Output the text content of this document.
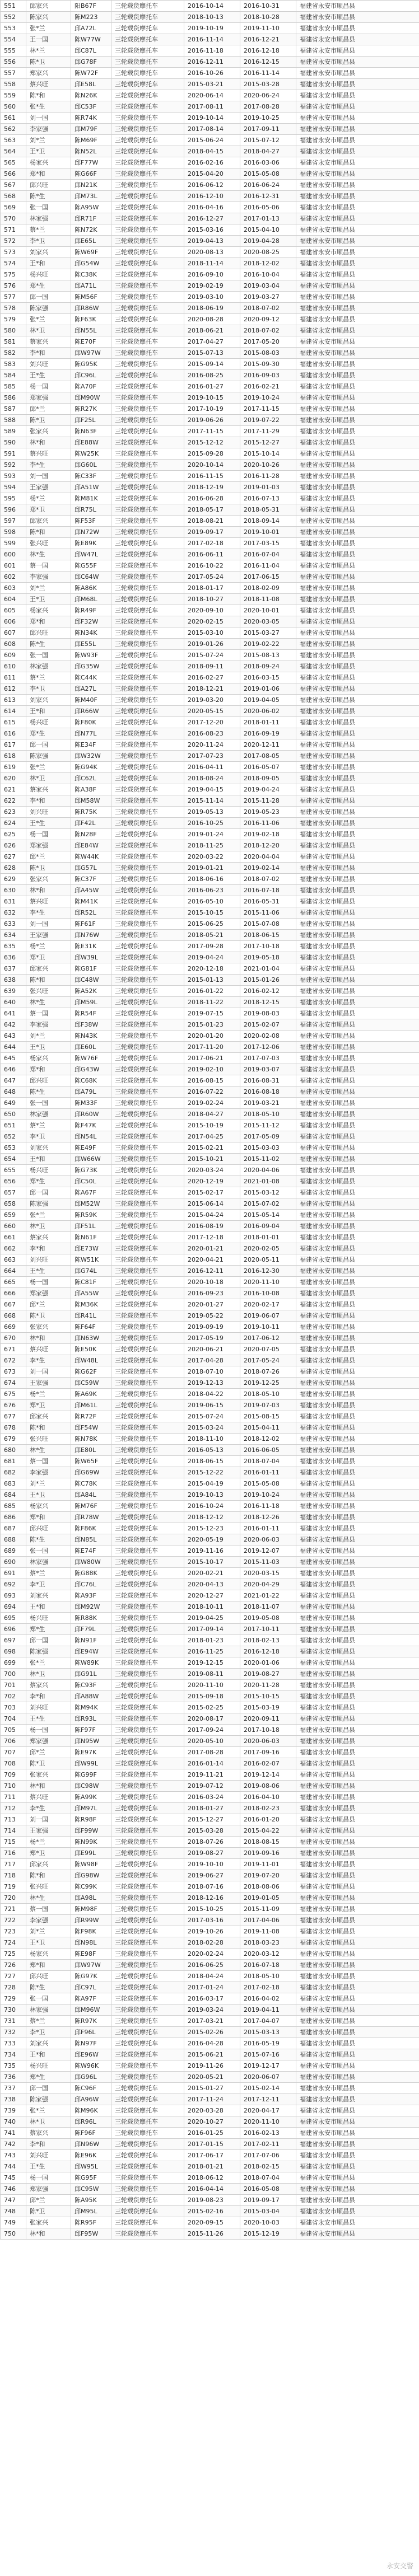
551	邱家兴	阳B67F	三轮载货摩托车	2016-10-14	2016-10-31	福建省永安市顺昌县
552	陈家兴	陈M223	三轮载货摩托车	2018-10-13	2018-10-28	福建省永安市顺昌县
553	张*兰	邱A72L	三轮载货摩托车	2019-10-19	2019-11-10	福建省永安市顺昌县
554	王一国	陈W77W	三轮载货摩托车	2016-11-14	2016-12-21	福建省永安市顺昌县
555	林*兰	邱C87L	三轮载货摩托车	2016-11-18	2016-12-18	福建省永安市顺昌县
556	陈*卫	邱G78F	三轮载货摩托车	2016-12-11	2016-12-15	福建省永安市顺昌县
557	郑家兴	陈W72F	三轮载货摩托车	2016-10-26	2016-11-14	福建省永安市顺昌县
558	蔡兴旺	邱E58L	三轮载货摩托车	2015-03-21	2015-03-28	福建省永安市顺昌县
559	陈*和	陈N26K	三轮载货摩托车	2020-06-14	2020-06-24	福建省永安市顺昌县
560	张*生	邱C53F	三轮载货摩托车	2017-08-11	2017-08-28	福建省永安市顺昌县
561	刘一国	陈R74K	三轮载货摩托车	2019-10-14	2019-10-25	福建省永安市顺昌县
562	李家强	邱M79F	三轮载货摩托车	2017-08-14	2017-09-11	福建省永安市顺昌县
563	刘*兰	陈M69F	三轮载货摩托车	2015-06-24	2015-07-12	福建省永安市顺昌县
564	王*卫	陈N52L	三轮载货摩托车	2018-04-15	2018-04-27	福建省永安市顺昌县
565	杨家兴	邱F77W	三轮载货摩托车	2016-02-16	2016-03-06	福建省永安市顺昌县
566	郑*和	陈G66F	三轮载货摩托车	2015-04-20	2015-05-08	福建省永安市顺昌县
567	邱兴旺	邱N21K	三轮载货摩托车	2016-06-12	2016-06-24	福建省永安市顺昌县
568	陈*生	邱M73L	三轮载货摩托车	2016-12-10	2016-12-31	福建省永安市顺昌县
569	张一国	陈A95W	三轮载货摩托车	2016-04-16	2016-05-06	福建省永安市顺昌县
570	林家强	邱R71F	三轮载货摩托车	2016-12-27	2017-01-13	福建省永安市顺昌县
571	蔡*兰	陈N72K	三轮载货摩托车	2015-03-16	2015-04-10	福建省永安市顺昌县
572	李*卫	邱E65L	三轮载货摩托车	2019-04-13	2019-04-28	福建省永安市顺昌县
573	刘家兴	陈W69F	三轮载货摩托车	2020-08-13	2020-08-25	福建省永安市顺昌县
574	王*和	邱G54W	三轮载货摩托车	2018-11-14	2018-12-02	福建省永安市顺昌县
575	杨兴旺	陈C38K	三轮载货摩托车	2016-09-10	2016-10-04	福建省永安市顺昌县
576	郑*生	邱A71L	三轮载货摩托车	2019-02-19	2019-03-04	福建省永安市顺昌县
577	邱一国	陈M56F	三轮载货摩托车	2019-03-10	2019-03-27	福建省永安市顺昌县
578	陈家强	邱R86W	三轮载货摩托车	2018-06-19	2018-07-02	福建省永安市顺昌县
579	张*兰	陈F63K	三轮载货摩托车	2020-08-28	2020-09-12	福建省永安市顺昌县
580	林*卫	邱N55L	三轮载货摩托车	2018-06-21	2018-07-02	福建省永安市顺昌县
581	蔡家兴	陈E70F	三轮载货摩托车	2017-04-27	2017-05-20	福建省永安市顺昌县
582	李*和	邱W97W	三轮载货摩托车	2015-07-13	2015-08-03	福建省永安市顺昌县
583	刘兴旺	陈G95K	三轮载货摩托车	2015-09-14	2015-09-30	福建省永安市顺昌县
584	王*生	邱C96L	三轮载货摩托车	2016-08-25	2016-09-03	福建省永安市顺昌县
585	杨一国	陈A70F	三轮载货摩托车	2016-01-27	2016-02-21	福建省永安市顺昌县
586	郑家强	邱M90W	三轮载货摩托车	2019-10-15	2019-10-24	福建省永安市顺昌县
587	邱*兰	陈R27K	三轮载货摩托车	2017-10-19	2017-11-15	福建省永安市顺昌县
588	陈*卫	邱F25L	三轮载货摩托车	2019-06-26	2019-07-22	福建省永安市顺昌县
589	张家兴	陈N63F	三轮载货摩托车	2017-11-15	2017-11-29	福建省永安市顺昌县
590	林*和	邱E88W	三轮载货摩托车	2015-12-12	2015-12-27	福建省永安市顺昌县
591	蔡兴旺	陈W25K	三轮载货摩托车	2015-09-28	2015-10-14	福建省永安市顺昌县
592	李*生	邱G60L	三轮载货摩托车	2020-10-14	2020-10-26	福建省永安市顺昌县
593	刘一国	陈C33F	三轮载货摩托车	2016-11-15	2016-11-28	福建省永安市顺昌县
594	王家强	邱A51W	三轮载货摩托车	2018-12-19	2019-01-03	福建省永安市顺昌县
595	杨*兰	陈M81K	三轮载货摩托车	2016-06-28	2016-07-13	福建省永安市顺昌县
596	郑*卫	邱R75L	三轮载货摩托车	2018-05-17	2018-05-31	福建省永安市顺昌县
597	邱家兴	陈F53F	三轮载货摩托车	2018-08-21	2018-09-14	福建省永安市顺昌县
598	陈*和	邱N72W	三轮载货摩托车	2019-09-17	2019-10-01	福建省永安市顺昌县
599	张兴旺	陈E89K	三轮载货摩托车	2017-02-18	2017-03-15	福建省永安市顺昌县
600	林*生	邱W47L	三轮载货摩托车	2016-06-11	2016-07-04	福建省永安市顺昌县
601	蔡一国	陈G55F	三轮载货摩托车	2016-10-22	2016-11-04	福建省永安市顺昌县
602	李家强	邱C64W	三轮载货摩托车	2017-05-24	2017-06-15	福建省永安市顺昌县
603	刘*兰	陈A86K	三轮载货摩托车	2018-01-17	2018-02-09	福建省永安市顺昌县
604	王*卫	邱M68L	三轮载货摩托车	2018-10-27	2018-11-08	福建省永安市顺昌县
605	杨家兴	陈R49F	三轮载货摩托车	2020-09-10	2020-10-01	福建省永安市顺昌县
606	郑*和	邱F32W	三轮载货摩托车	2020-02-15	2020-03-05	福建省永安市顺昌县
607	邱兴旺	陈N34K	三轮载货摩托车	2015-03-10	2015-03-27	福建省永安市顺昌县
608	陈*生	邱E55L	三轮载货摩托车	2019-01-26	2019-02-22	福建省永安市顺昌县
609	张一国	陈W93F	三轮载货摩托车	2015-07-24	2015-08-13	福建省永安市顺昌县
610	林家强	邱G35W	三轮载货摩托车	2018-09-11	2018-09-24	福建省永安市顺昌县
611	蔡*兰	陈C44K	三轮载货摩托车	2016-02-27	2016-03-15	福建省永安市顺昌县
612	李*卫	邱A27L	三轮载货摩托车	2018-12-21	2019-01-06	福建省永安市顺昌县
613	刘家兴	陈M40F	三轮载货摩托车	2019-03-20	2019-04-05	福建省永安市顺昌县
614	王*和	邱R66W	三轮载货摩托车	2020-05-15	2020-06-02	福建省永安市顺昌县
615	杨兴旺	陈F80K	三轮载货摩托车	2017-12-20	2018-01-11	福建省永安市顺昌县
616	郑*生	邱N77L	三轮载货摩托车	2016-08-23	2016-09-19	福建省永安市顺昌县
617	邱一国	陈E34F	三轮载货摩托车	2020-11-24	2020-12-11	福建省永安市顺昌县
618	陈家强	邱W32W	三轮载货摩托车	2017-07-23	2017-08-05	福建省永安市顺昌县
619	张*兰	陈G94K	三轮载货摩托车	2016-04-11	2016-05-07	福建省永安市顺昌县
620	林*卫	邱C62L	三轮载货摩托车	2018-08-24	2018-09-05	福建省永安市顺昌县
621	蔡家兴	陈A38F	三轮载货摩托车	2019-04-15	2019-04-24	福建省永安市顺昌县
622	李*和	邱M58W	三轮载货摩托车	2015-11-14	2015-11-28	福建省永安市顺昌县
623	刘兴旺	陈R75K	三轮载货摩托车	2019-05-13	2019-05-23	福建省永安市顺昌县
624	王*生	邱F42L	三轮载货摩托车	2016-10-25	2016-11-06	福建省永安市顺昌县
625	杨一国	陈N28F	三轮载货摩托车	2019-01-24	2019-02-18	福建省永安市顺昌县
626	郑家强	邱E84W	三轮载货摩托车	2018-11-25	2018-12-20	福建省永安市顺昌县
627	邱*兰	陈W44K	三轮载货摩托车	2020-03-22	2020-04-04	福建省永安市顺昌县
628	陈*卫	邱G57L	三轮载货摩托车	2019-01-21	2019-02-14	福建省永安市顺昌县
629	张家兴	陈C37F	三轮载货摩托车	2018-06-16	2018-07-02	福建省永安市顺昌县
630	林*和	邱A45W	三轮载货摩托车	2016-06-23	2016-07-18	福建省永安市顺昌县
631	蔡兴旺	陈M41K	三轮载货摩托车	2016-05-10	2016-05-31	福建省永安市顺昌县
632	李*生	邱R52L	三轮载货摩托车	2015-10-15	2015-11-06	福建省永安市顺昌县
633	刘一国	陈F61F	三轮载货摩托车	2015-06-25	2015-07-08	福建省永安市顺昌县
634	王家强	邱N76W	三轮载货摩托车	2018-05-21	2018-06-15	福建省永安市顺昌县
635	杨*兰	陈E31K	三轮载货摩托车	2017-09-28	2017-10-18	福建省永安市顺昌县
636	郑*卫	邱W39L	三轮载货摩托车	2019-04-24	2019-05-18	福建省永安市顺昌县
637	邱家兴	陈G81F	三轮载货摩托车	2020-12-18	2021-01-04	福建省永安市顺昌县
638	陈*和	邱C48W	三轮载货摩托车	2015-01-13	2015-01-26	福建省永安市顺昌县
639	张兴旺	陈A52K	三轮载货摩托车	2016-01-22	2016-02-12	福建省永安市顺昌县
640	林*生	邱M59L	三轮载货摩托车	2018-11-22	2018-12-15	福建省永安市顺昌县
641	蔡一国	陈R54F	三轮载货摩托车	2019-07-15	2019-08-03	福建省永安市顺昌县
642	李家强	邱F38W	三轮载货摩托车	2015-01-23	2015-02-07	福建省永安市顺昌县
643	刘*兰	陈N43K	三轮载货摩托车	2020-01-20	2020-02-08	福建省永安市顺昌县
644	王*卫	邱E60L	三轮载货摩托车	2017-11-20	2017-12-06	福建省永安市顺昌县
645	杨家兴	陈W76F	三轮载货摩托车	2017-06-21	2017-07-03	福建省永安市顺昌县
646	郑*和	邱G43W	三轮载货摩托车	2019-02-10	2019-03-07	福建省永安市顺昌县
647	邱兴旺	陈C68K	三轮载货摩托车	2016-08-15	2016-08-31	福建省永安市顺昌县
648	陈*生	邱A79L	三轮载货摩托车	2016-07-22	2016-08-18	福建省永安市顺昌县
649	张一国	陈M33F	三轮载货摩托车	2019-02-24	2019-03-21	福建省永安市顺昌县
650	林家强	邱R60W	三轮载货摩托车	2018-04-27	2018-05-10	福建省永安市顺昌县
651	蔡*兰	陈F47K	三轮载货摩托车	2015-10-19	2015-11-12	福建省永安市顺昌县
652	李*卫	邱N54L	三轮载货摩托车	2017-04-25	2017-05-09	福建省永安市顺昌县
653	刘家兴	陈E49F	三轮载货摩托车	2015-02-21	2015-03-03	福建省永安市顺昌县
654	王*和	邱W66W	三轮载货摩托车	2015-10-21	2015-11-02	福建省永安市顺昌县
655	杨兴旺	陈G73K	三轮载货摩托车	2020-03-24	2020-04-06	福建省永安市顺昌县
656	郑*生	邱C50L	三轮载货摩托车	2020-12-19	2021-01-08	福建省永安市顺昌县
657	邱一国	陈A67F	三轮载货摩托车	2015-02-17	2015-03-12	福建省永安市顺昌县
658	陈家强	邱M52W	三轮载货摩托车	2015-06-14	2015-07-02	福建省永安市顺昌县
659	张*兰	陈R59K	三轮载货摩托车	2015-04-24	2015-05-14	福建省永安市顺昌县
660	林*卫	邱F51L	三轮载货摩托车	2016-08-19	2016-09-04	福建省永安市顺昌县
661	蔡家兴	陈N61F	三轮载货摩托车	2017-12-18	2018-01-01	福建省永安市顺昌县
662	李*和	邱E73W	三轮载货摩托车	2020-01-21	2020-02-05	福建省永安市顺昌县
663	刘兴旺	陈W51K	三轮载货摩托车	2020-04-21	2020-05-11	福建省永安市顺昌县
664	王*生	邱G74L	三轮载货摩托车	2016-12-11	2016-12-30	福建省永安市顺昌县
665	杨一国	陈C81F	三轮载货摩托车	2020-10-18	2020-11-10	福建省永安市顺昌县
666	郑家强	邱A55W	三轮载货摩托车	2016-09-23	2016-10-08	福建省永安市顺昌县
667	邱*兰	陈M36K	三轮载货摩托车	2020-01-27	2020-02-17	福建省永安市顺昌县
668	陈*卫	邱R41L	三轮载货摩托车	2019-05-22	2019-06-07	福建省永安市顺昌县
669	张家兴	陈F64F	三轮载货摩托车	2019-09-19	2019-10-11	福建省永安市顺昌县
670	林*和	邱N63W	三轮载货摩托车	2017-05-19	2017-06-12	福建省永安市顺昌县
671	蔡兴旺	陈E50K	三轮载货摩托车	2020-06-21	2020-07-05	福建省永安市顺昌县
672	李*生	邱W48L	三轮载货摩托车	2017-04-28	2017-05-24	福建省永安市顺昌县
673	刘一国	陈G62F	三轮载货摩托车	2018-07-10	2018-07-26	福建省永安市顺昌县
674	王家强	邱C59W	三轮载货摩托车	2019-12-13	2019-12-25	福建省永安市顺昌县
675	杨*兰	陈A69K	三轮载货摩托车	2018-04-22	2018-05-10	福建省永安市顺昌县
676	郑*卫	邱M61L	三轮载货摩托车	2019-06-15	2019-07-03	福建省永安市顺昌县
677	邱家兴	陈R72F	三轮载货摩托车	2015-07-24	2015-08-15	福建省永安市顺昌县
678	陈*和	邱F54W	三轮载货摩托车	2015-03-24	2015-04-11	福建省永安市顺昌县
679	张兴旺	陈N78K	三轮载货摩托车	2018-11-10	2018-12-02	福建省永安市顺昌县
680	林*生	邱E80L	三轮载货摩托车	2016-05-13	2016-06-05	福建省永安市顺昌县
681	蔡一国	陈W65F	三轮载货摩托车	2018-06-15	2018-07-04	福建省永安市顺昌县
682	李家强	邱G69W	三轮载货摩托车	2015-12-22	2016-01-11	福建省永安市顺昌县
683	刘*兰	陈C78K	三轮载货摩托车	2015-04-19	2015-05-08	福建省永安市顺昌县
684	王*卫	邱A84L	三轮载货摩托车	2019-10-13	2019-10-24	福建省永安市顺昌县
685	杨家兴	陈M76F	三轮载货摩托车	2016-10-24	2016-11-18	福建省永安市顺昌县
686	郑*和	邱R78W	三轮载货摩托车	2018-12-12	2018-12-26	福建省永安市顺昌县
687	邱兴旺	陈F86K	三轮载货摩托车	2015-12-23	2016-01-11	福建省永安市顺昌县
688	陈*生	邱N85L	三轮载货摩托车	2020-05-19	2020-06-03	福建省永安市顺昌县
689	张一国	陈E74F	三轮载货摩托车	2019-11-16	2019-12-07	福建省永安市顺昌县
690	林家强	邱W80W	三轮载货摩托车	2015-10-17	2015-11-03	福建省永安市顺昌县
691	蔡*兰	陈G88K	三轮载货摩托车	2020-02-21	2020-03-15	福建省永安市顺昌县
692	李*卫	邱C76L	三轮载货摩托车	2020-04-13	2020-04-29	福建省永安市顺昌县
693	刘家兴	陈A93F	三轮载货摩托车	2020-12-27	2021-01-22	福建省永安市顺昌县
694	王*和	邱M92W	三轮载货摩托车	2018-10-11	2018-11-07	福建省永安市顺昌县
695	杨兴旺	陈R88K	三轮载货摩托车	2019-04-25	2019-05-08	福建省永安市顺昌县
696	郑*生	邱F79L	三轮载货摩托车	2017-09-14	2017-10-11	福建省永安市顺昌县
697	邱一国	陈N91F	三轮载货摩托车	2018-01-23	2018-02-13	福建省永安市顺昌县
698	陈家强	邱E94W	三轮载货摩托车	2016-11-25	2016-12-18	福建省永安市顺昌县
699	张*兰	陈W89K	三轮载货摩托车	2019-12-15	2020-01-06	福建省永安市顺昌县
700	林*卫	邱G91L	三轮载货摩托车	2019-08-11	2019-08-27	福建省永安市顺昌县
701	蔡家兴	陈C93F	三轮载货摩托车	2020-11-10	2020-11-28	福建省永安市顺昌县
702	李*和	邱A88W	三轮载货摩托车	2015-09-18	2015-10-15	福建省永安市顺昌县
703	刘兴旺	陈M94K	三轮载货摩托车	2015-02-25	2015-03-19	福建省永安市顺昌县
704	王*生	邱R93L	三轮载货摩托车	2020-08-17	2020-09-11	福建省永安市顺昌县
705	杨一国	陈F97F	三轮载货摩托车	2017-09-24	2017-10-18	福建省永安市顺昌县
706	郑家强	邱N95W	三轮载货摩托车	2020-05-10	2020-06-03	福建省永安市顺昌县
707	邱*兰	陈E97K	三轮载货摩托车	2017-08-28	2017-09-16	福建省永安市顺昌县
708	陈*卫	邱W99L	三轮载货摩托车	2016-01-14	2016-02-07	福建省永安市顺昌县
709	张家兴	陈G99F	三轮载货摩托车	2019-11-21	2019-12-14	福建省永安市顺昌县
710	林*和	邱C98W	三轮载货摩托车	2019-07-12	2019-08-06	福建省永安市顺昌县
711	蔡兴旺	陈A99K	三轮载货摩托车	2016-03-24	2016-04-10	福建省永安市顺昌县
712	李*生	邱M97L	三轮载货摩托车	2018-01-27	2018-02-23	福建省永安市顺昌县
713	刘一国	陈R98F	三轮载货摩托车	2015-12-27	2016-01-20	福建省永安市顺昌县
714	王家强	邱F99W	三轮载货摩托车	2015-03-28	2015-04-22	福建省永安市顺昌县
715	杨*兰	陈N99K	三轮载货摩托车	2018-07-26	2018-08-15	福建省永安市顺昌县
716	郑*卫	邱E99L	三轮载货摩托车	2019-08-27	2019-09-16	福建省永安市顺昌县
717	邱家兴	陈W98F	三轮载货摩托车	2019-10-10	2019-11-01	福建省永安市顺昌县
718	陈*和	邱G98W	三轮载货摩托车	2019-06-27	2019-07-20	福建省永安市顺昌县
719	张兴旺	陈C99K	三轮载货摩托车	2018-07-16	2018-08-06	福建省永安市顺昌县
720	林*生	邱A98L	三轮载货摩托车	2018-12-16	2019-01-05	福建省永安市顺昌县
721	蔡一国	陈M98F	三轮载货摩托车	2015-10-25	2015-11-09	福建省永安市顺昌县
722	李家强	邱R99W	三轮载货摩托车	2017-03-16	2017-04-06	福建省永安市顺昌县
723	刘*兰	陈F98K	三轮载货摩托车	2019-10-26	2019-11-08	福建省永安市顺昌县
724	王*卫	邱N98L	三轮载货摩托车	2018-02-28	2018-03-23	福建省永安市顺昌县
725	杨家兴	陈E98F	三轮载货摩托车	2020-02-24	2020-03-12	福建省永安市顺昌县
726	郑*和	邱W97W	三轮载货摩托车	2016-06-25	2016-07-18	福建省永安市顺昌县
727	邱兴旺	陈G97K	三轮载货摩托车	2018-04-24	2018-05-10	福建省永安市顺昌县
728	陈*生	邱C97L	三轮载货摩托车	2017-01-24	2017-02-18	福建省永安市顺昌县
729	张一国	陈A97F	三轮载货摩托车	2016-03-17	2016-04-02	福建省永安市顺昌县
730	林家强	邱M96W	三轮载货摩托车	2019-03-24	2019-04-11	福建省永安市顺昌县
731	蔡*兰	陈R97K	三轮载货摩托车	2017-03-21	2017-04-07	福建省永安市顺昌县
732	李*卫	邱F96L	三轮载货摩托车	2015-02-26	2015-03-13	福建省永安市顺昌县
733	刘家兴	陈N97F	三轮载货摩托车	2016-04-28	2016-05-19	福建省永安市顺昌县
734	王*和	邱E96W	三轮载货摩托车	2015-06-21	2015-07-16	福建省永安市顺昌县
735	杨兴旺	陈W96K	三轮载货摩托车	2019-11-26	2019-12-17	福建省永安市顺昌县
736	郑*生	邱G96L	三轮载货摩托车	2020-05-21	2020-06-07	福建省永安市顺昌县
737	邱一国	陈C96F	三轮载货摩托车	2015-01-27	2015-02-14	福建省永安市顺昌县
738	陈家强	邱A96W	三轮载货摩托车	2017-11-24	2017-12-11	福建省永安市顺昌县
739	张*兰	陈M96K	三轮载货摩托车	2020-03-28	2020-04-17	福建省永安市顺昌县
740	林*卫	邱R96L	三轮载货摩托车	2020-10-27	2020-11-10	福建省永安市顺昌县
741	蔡家兴	陈F96F	三轮载货摩托车	2016-01-25	2016-02-13	福建省永安市顺昌县
742	李*和	邱N96W	三轮载货摩托车	2017-01-15	2017-02-11	福建省永安市顺昌县
743	刘兴旺	陈E96K	三轮载货摩托车	2017-06-17	2017-07-06	福建省永安市顺昌县
744	王*生	邱W95L	三轮载货摩托车	2018-01-21	2018-02-15	福建省永安市顺昌县
745	杨一国	陈G95F	三轮载货摩托车	2018-06-12	2018-07-04	福建省永安市顺昌县
746	郑家强	邱C95W	三轮载货摩托车	2016-04-14	2016-05-08	福建省永安市顺昌县
747	邱*兰	陈A95K	三轮载货摩托车	2019-08-23	2019-09-17	福建省永安市顺昌县
748	陈*卫	邱M95L	三轮载货摩托车	2015-02-16	2015-03-04	福建省永安市顺昌县
749	张家兴	陈R95F	三轮载货摩托车	2020-09-15	2020-10-03	福建省永安市顺昌县
750	林*和	邱F95W	三轮载货摩托车	2015-11-26	2015-12-19	福建省永安市顺昌县
永安交警
